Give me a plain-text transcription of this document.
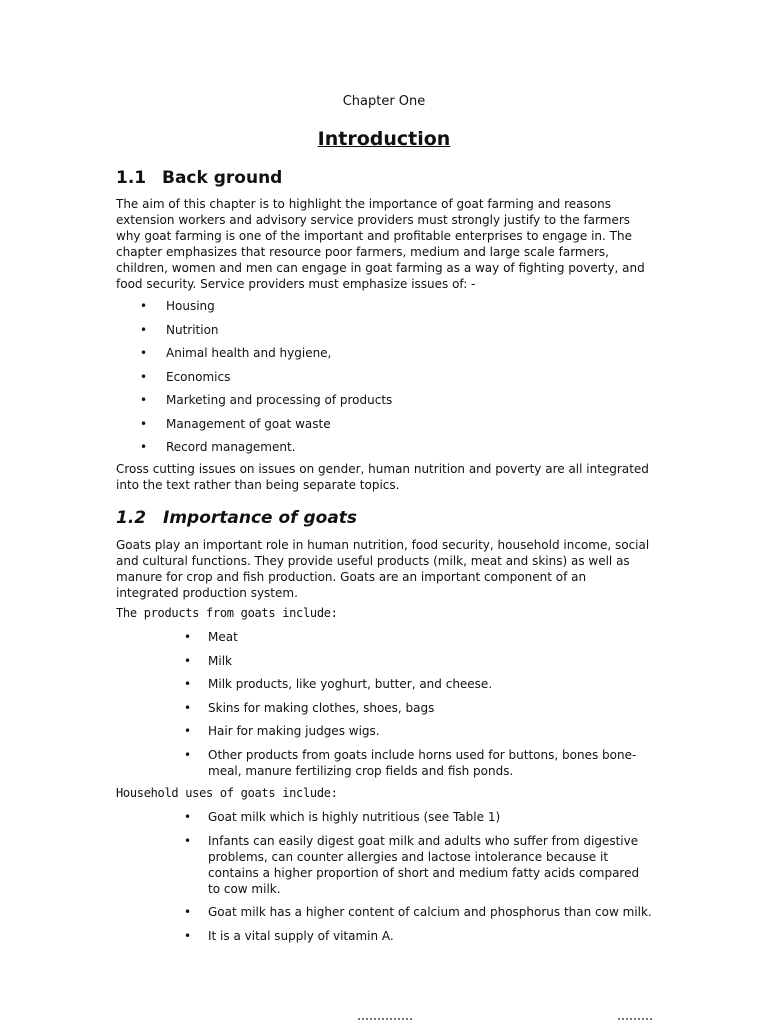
Chapter One
Introduction
1.1 Back ground
The aim of this chapter is to highlight the importance of goat farming and reasons extension workers and advisory service providers must strongly justify to the farmers why goat farming is one of the important and profitable enterprises to engage in. The chapter emphasizes that resource poor farmers, medium and large scale farmers, children, women and men can engage in goat farming as a way of fighting poverty, and food security. Service providers must emphasize issues of: -
• Housing
• Nutrition
• Animal health and hygiene,
• Economics
• Marketing and processing of products
• Management of goat waste
• Record management.
Cross cutting issues on issues on gender, human nutrition and poverty are all integrated into the text rather than being separate topics.
1.2 Importance of goats
Goats play an important role in human nutrition, food security, household income, social and cultural functions. They provide useful products (milk, meat and skins) as well as manure for crop and fish production. Goats are an important component of an integrated production system.
The products from goats include:
• Meat
• Milk
• Milk products, like yoghurt, butter, and cheese.
• Skins for making clothes, shoes, bags
• Hair for making judges wigs.
• Other products from goats include horns used for buttons, bones bone-meal, manure fertilizing crop fields and fish ponds.
Household uses of goats include:
• Goat milk which is highly nutritious (see Table 1)
• Infants can easily digest goat milk and adults who suffer from digestive problems, can counter allergies and lactose intolerance because it contains a higher proportion of short and medium fatty acids compared to cow milk.
• Goat milk has a higher content of calcium and phosphorus than cow milk.
• It is a vital supply of vitamin A.
